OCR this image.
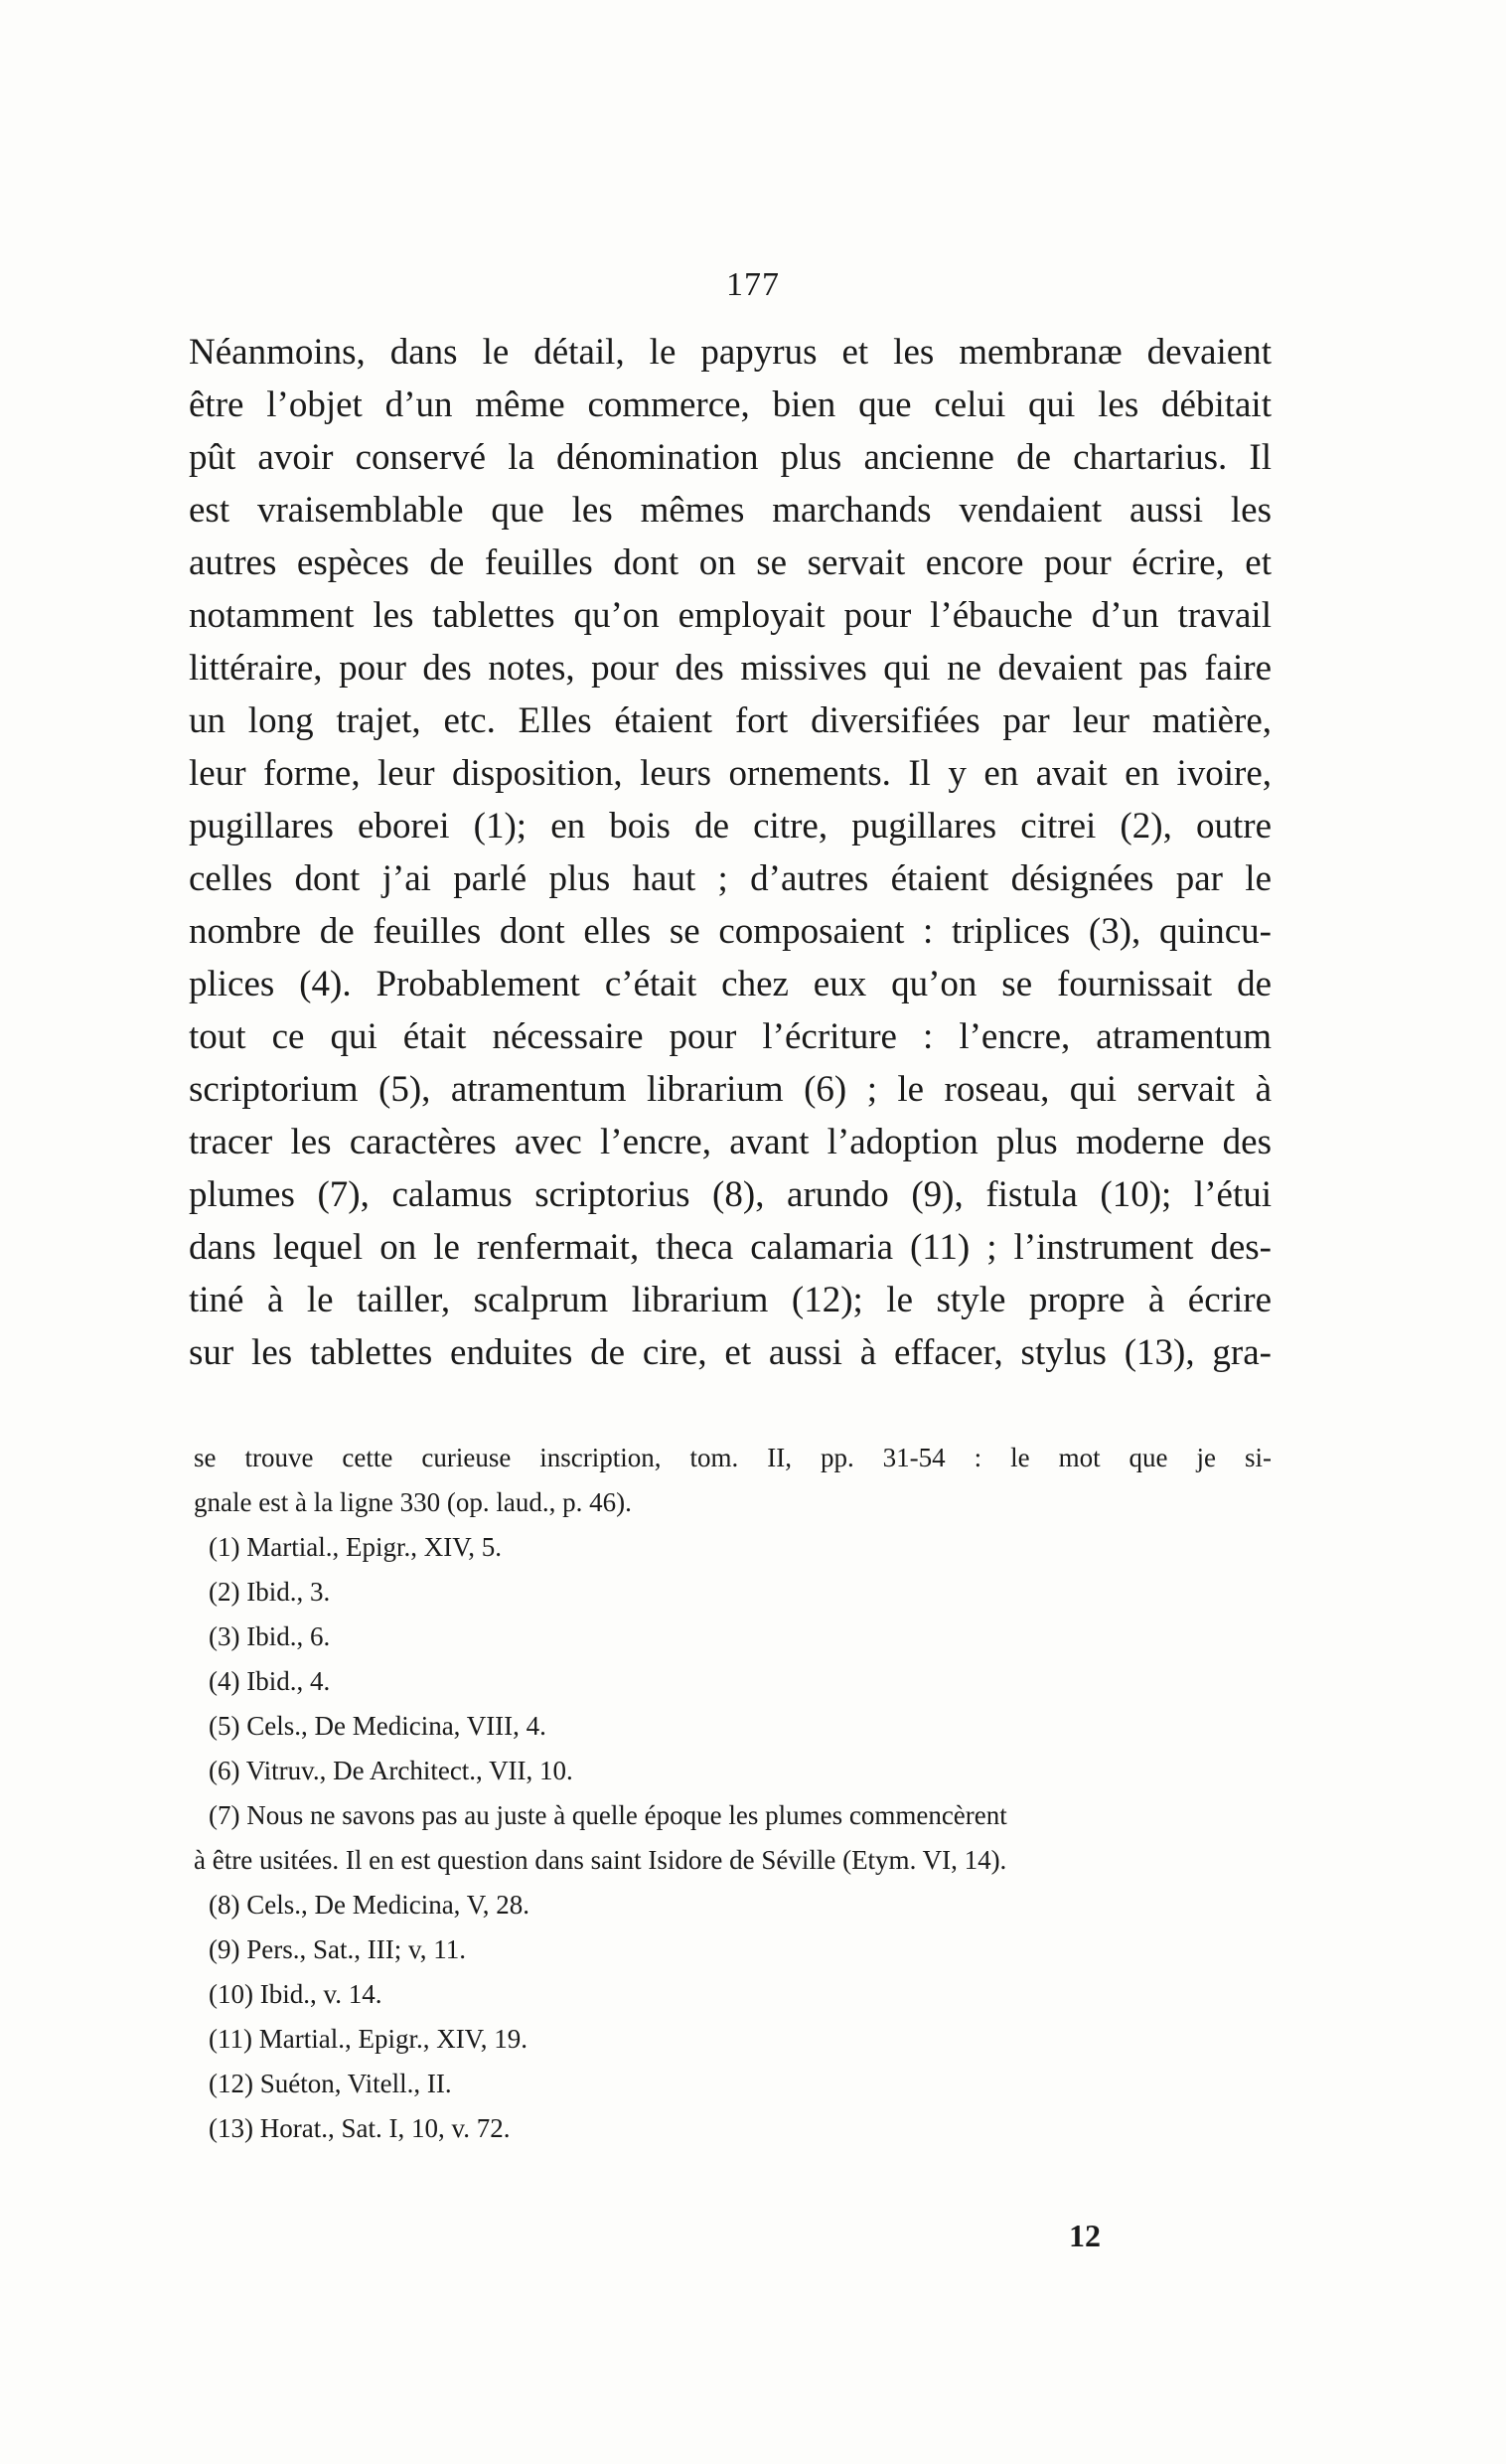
177
Néanmoins, dans le détail, le papyrus et les membranæ devaient
être l’objet d’un même commerce, bien que celui qui les débitait
pût avoir conservé la dénomination plus ancienne de chartarius. Il
est vraisemblable que les mêmes marchands vendaient aussi les
autres espèces de feuilles dont on se servait encore pour écrire, et
notamment les tablettes qu’on employait pour l’ébauche d’un travail
littéraire, pour des notes, pour des missives qui ne devaient pas faire
un long trajet, etc. Elles étaient fort diversifiées par leur matière,
leur forme, leur disposition, leurs ornements. Il y en avait en ivoire,
pugillares eborei (1); en bois de citre, pugillares citrei (2), outre
celles dont j’ai parlé plus haut ; d’autres étaient désignées par le
nombre de feuilles dont elles se composaient : triplices (3), quincu-
plices (4). Probablement c’était chez eux qu’on se fournissait de
tout ce qui était nécessaire pour l’écriture : l’encre, atramentum
scriptorium (5), atramentum librarium (6) ; le roseau, qui servait à
tracer les caractères avec l’encre, avant l’adoption plus moderne des
plumes (7), calamus scriptorius (8), arundo (9), fistula (10); l’étui
dans lequel on le renfermait, theca calamaria (11) ; l’instrument des-
tiné à le tailler, scalprum librarium (12); le style propre à écrire
sur les tablettes enduites de cire, et aussi à effacer, stylus (13), gra-
se trouve cette curieuse inscription, tom. II, pp. 31-54 : le mot que je si-
gnale est à la ligne 330 (op. laud., p. 46).
(1) Martial., Epigr., XIV, 5.
(2) Ibid., 3.
(3) Ibid., 6.
(4) Ibid., 4.
(5) Cels., De Medicina, VIII, 4.
(6) Vitruv., De Architect., VII, 10.
(7) Nous ne savons pas au juste à quelle époque les plumes commencèrent
à être usitées. Il en est question dans saint Isidore de Séville (Etym. VI, 14).
(8) Cels., De Medicina, V, 28.
(9) Pers., Sat., III; v, 11.
(10) Ibid., v. 14.
(11) Martial., Epigr., XIV, 19.
(12) Suéton, Vitell., II.
(13) Horat., Sat. I, 10, v. 72.
12
